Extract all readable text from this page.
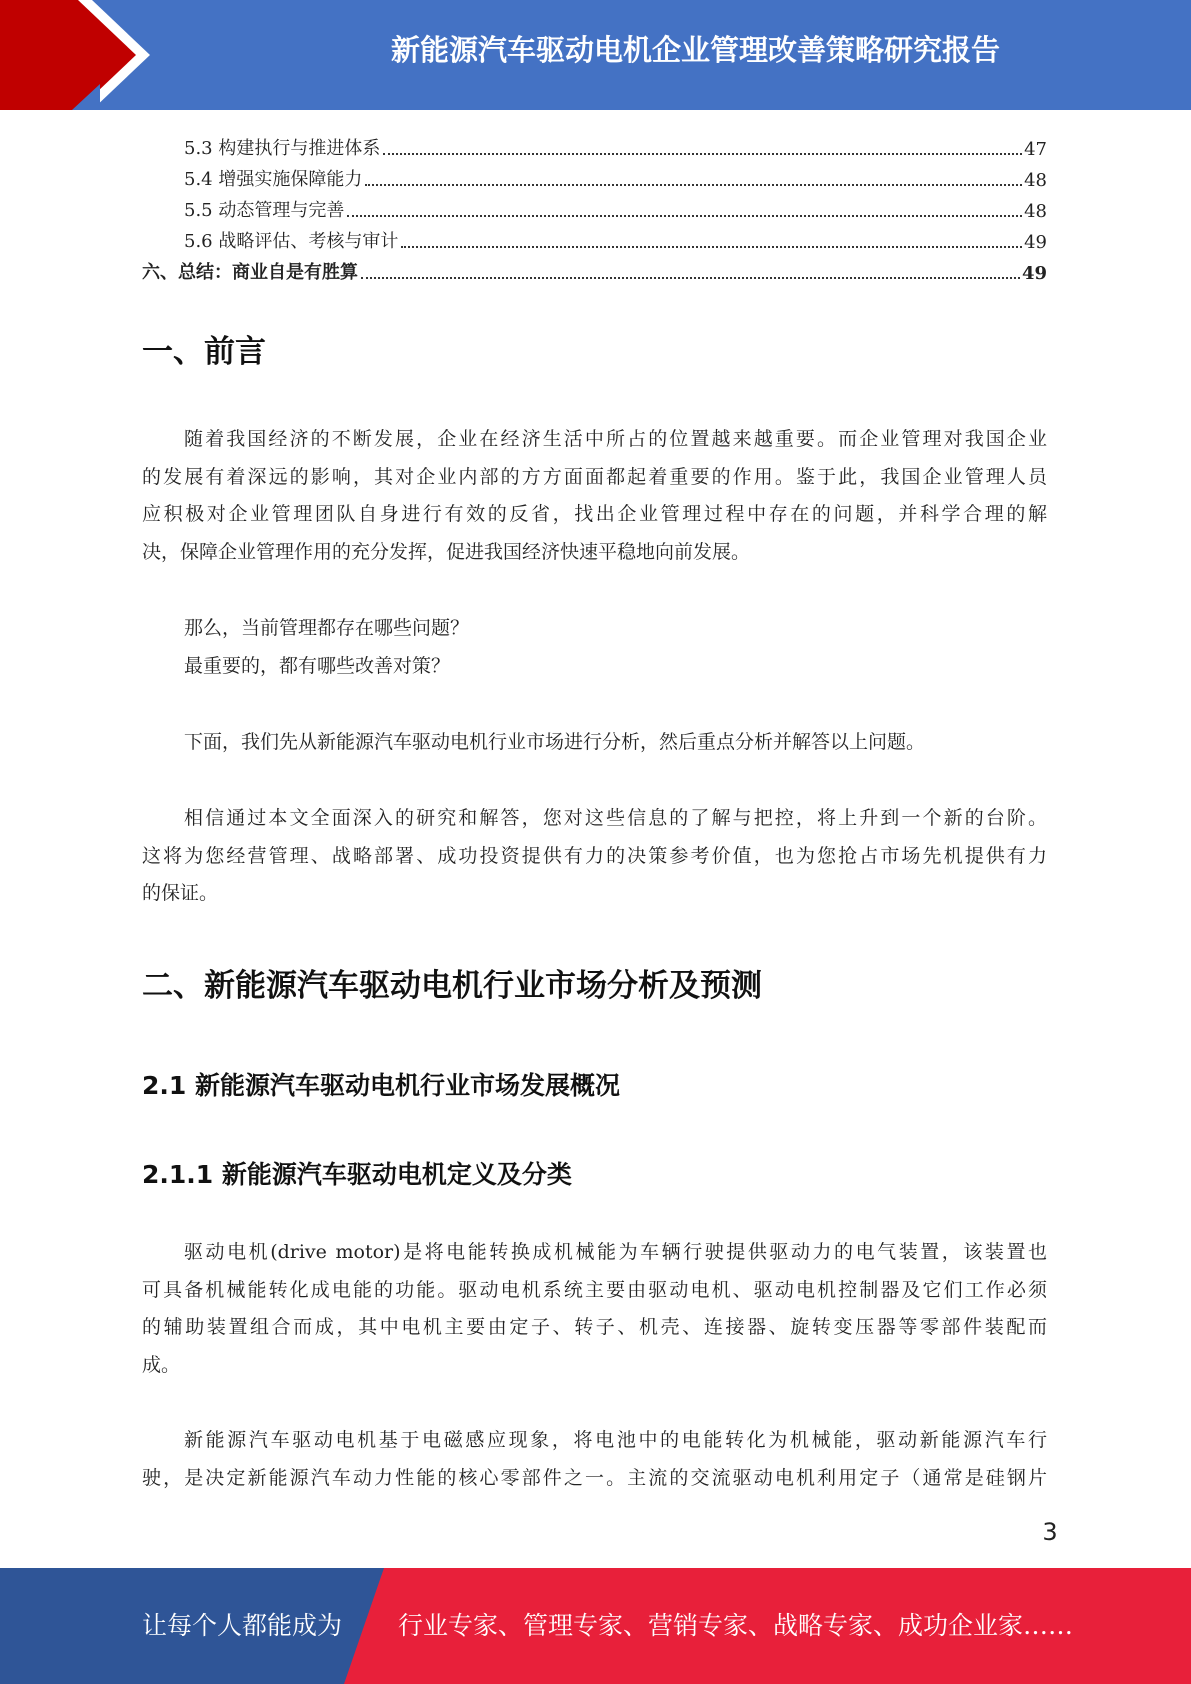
新能源汽车驱动电机企业管理改善策略研究报告
5.3 构建执行与推进体系	47
5.4 增强实施保障能力	48
5.5 动态管理与完善	48
5.6 战略评估、考核与审计	49
六、总结：商业自是有胜算	49
一、前言
随着我国经济的不断发展，企业在经济生活中所占的位置越来越重要。而企业管理对我国企业
的发展有着深远的影响，其对企业内部的方方面面都起着重要的作用。鉴于此，我国企业管理人员
应积极对企业管理团队自身进行有效的反省，找出企业管理过程中存在的问题，并科学合理的解
决，保障企业管理作用的充分发挥，促进我国经济快速平稳地向前发展。
那么，当前管理都存在哪些问题？
最重要的，都有哪些改善对策？
下面，我们先从新能源汽车驱动电机行业市场进行分析，然后重点分析并解答以上问题。
相信通过本文全面深入的研究和解答，您对这些信息的了解与把控，将上升到一个新的台阶。
这将为您经营管理、战略部署、成功投资提供有力的决策参考价值，也为您抢占市场先机提供有力
的保证。
二、新能源汽车驱动电机行业市场分析及预测
2.1 新能源汽车驱动电机行业市场发展概况
2.1.1 新能源汽车驱动电机定义及分类
驱动电机(drive motor)是将电能转换成机械能为车辆行驶提供驱动力的电气装置，该装置也
可具备机械能转化成电能的功能。驱动电机系统主要由驱动电机、驱动电机控制器及它们工作必须
的辅助装置组合而成，其中电机主要由定子、转子、机壳、连接器、旋转变压器等零部件装配而
成。
新能源汽车驱动电机基于电磁感应现象，将电池中的电能转化为机械能，驱动新能源汽车行
驶，是决定新能源汽车动力性能的核心零部件之一。主流的交流驱动电机利用定子（通常是硅钢片
3
让每个人都能成为 行业专家、管理专家、营销专家、战略专家、成功企业家……
